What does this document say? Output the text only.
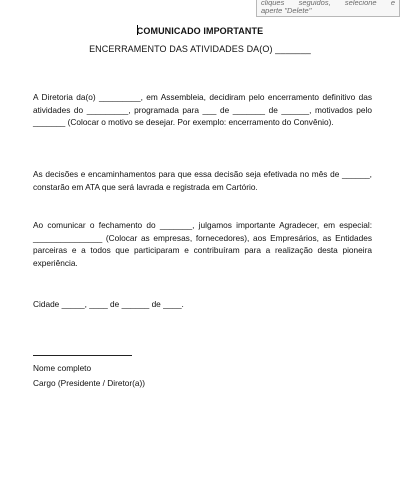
cliques seguidos, selecione e
aperte "Delete"
COMUNICADO IMPORTANTE
ENCERRAMENTO DAS ATIVIDADES DA(O) _______

A Diretoria da(o) _________, em Assembleia, decidiram pelo encerramento definitivo das atividades do _________, programada para ___ de _______ de ______, motivados pelo _______ (Colocar o motivo se desejar. Por exemplo: encerramento do Convênio).

As decisões e encaminhamentos para que essa decisão seja efetivada no mês de ______, constarão em ATA que será lavrada e registrada em Cartório.

Ao comunicar o fechamento do _______, julgamos importante Agradecer, em especial: _______________ (Colocar as empresas, fornecedores), aos Empresários, as Entidades parceiras e a todos que participaram e contribuíram para a realização desta pioneira experiência.

Cidade _____, ____ de ______ de ____.
Nome completo
Cargo (Presidente / Diretor(a))
